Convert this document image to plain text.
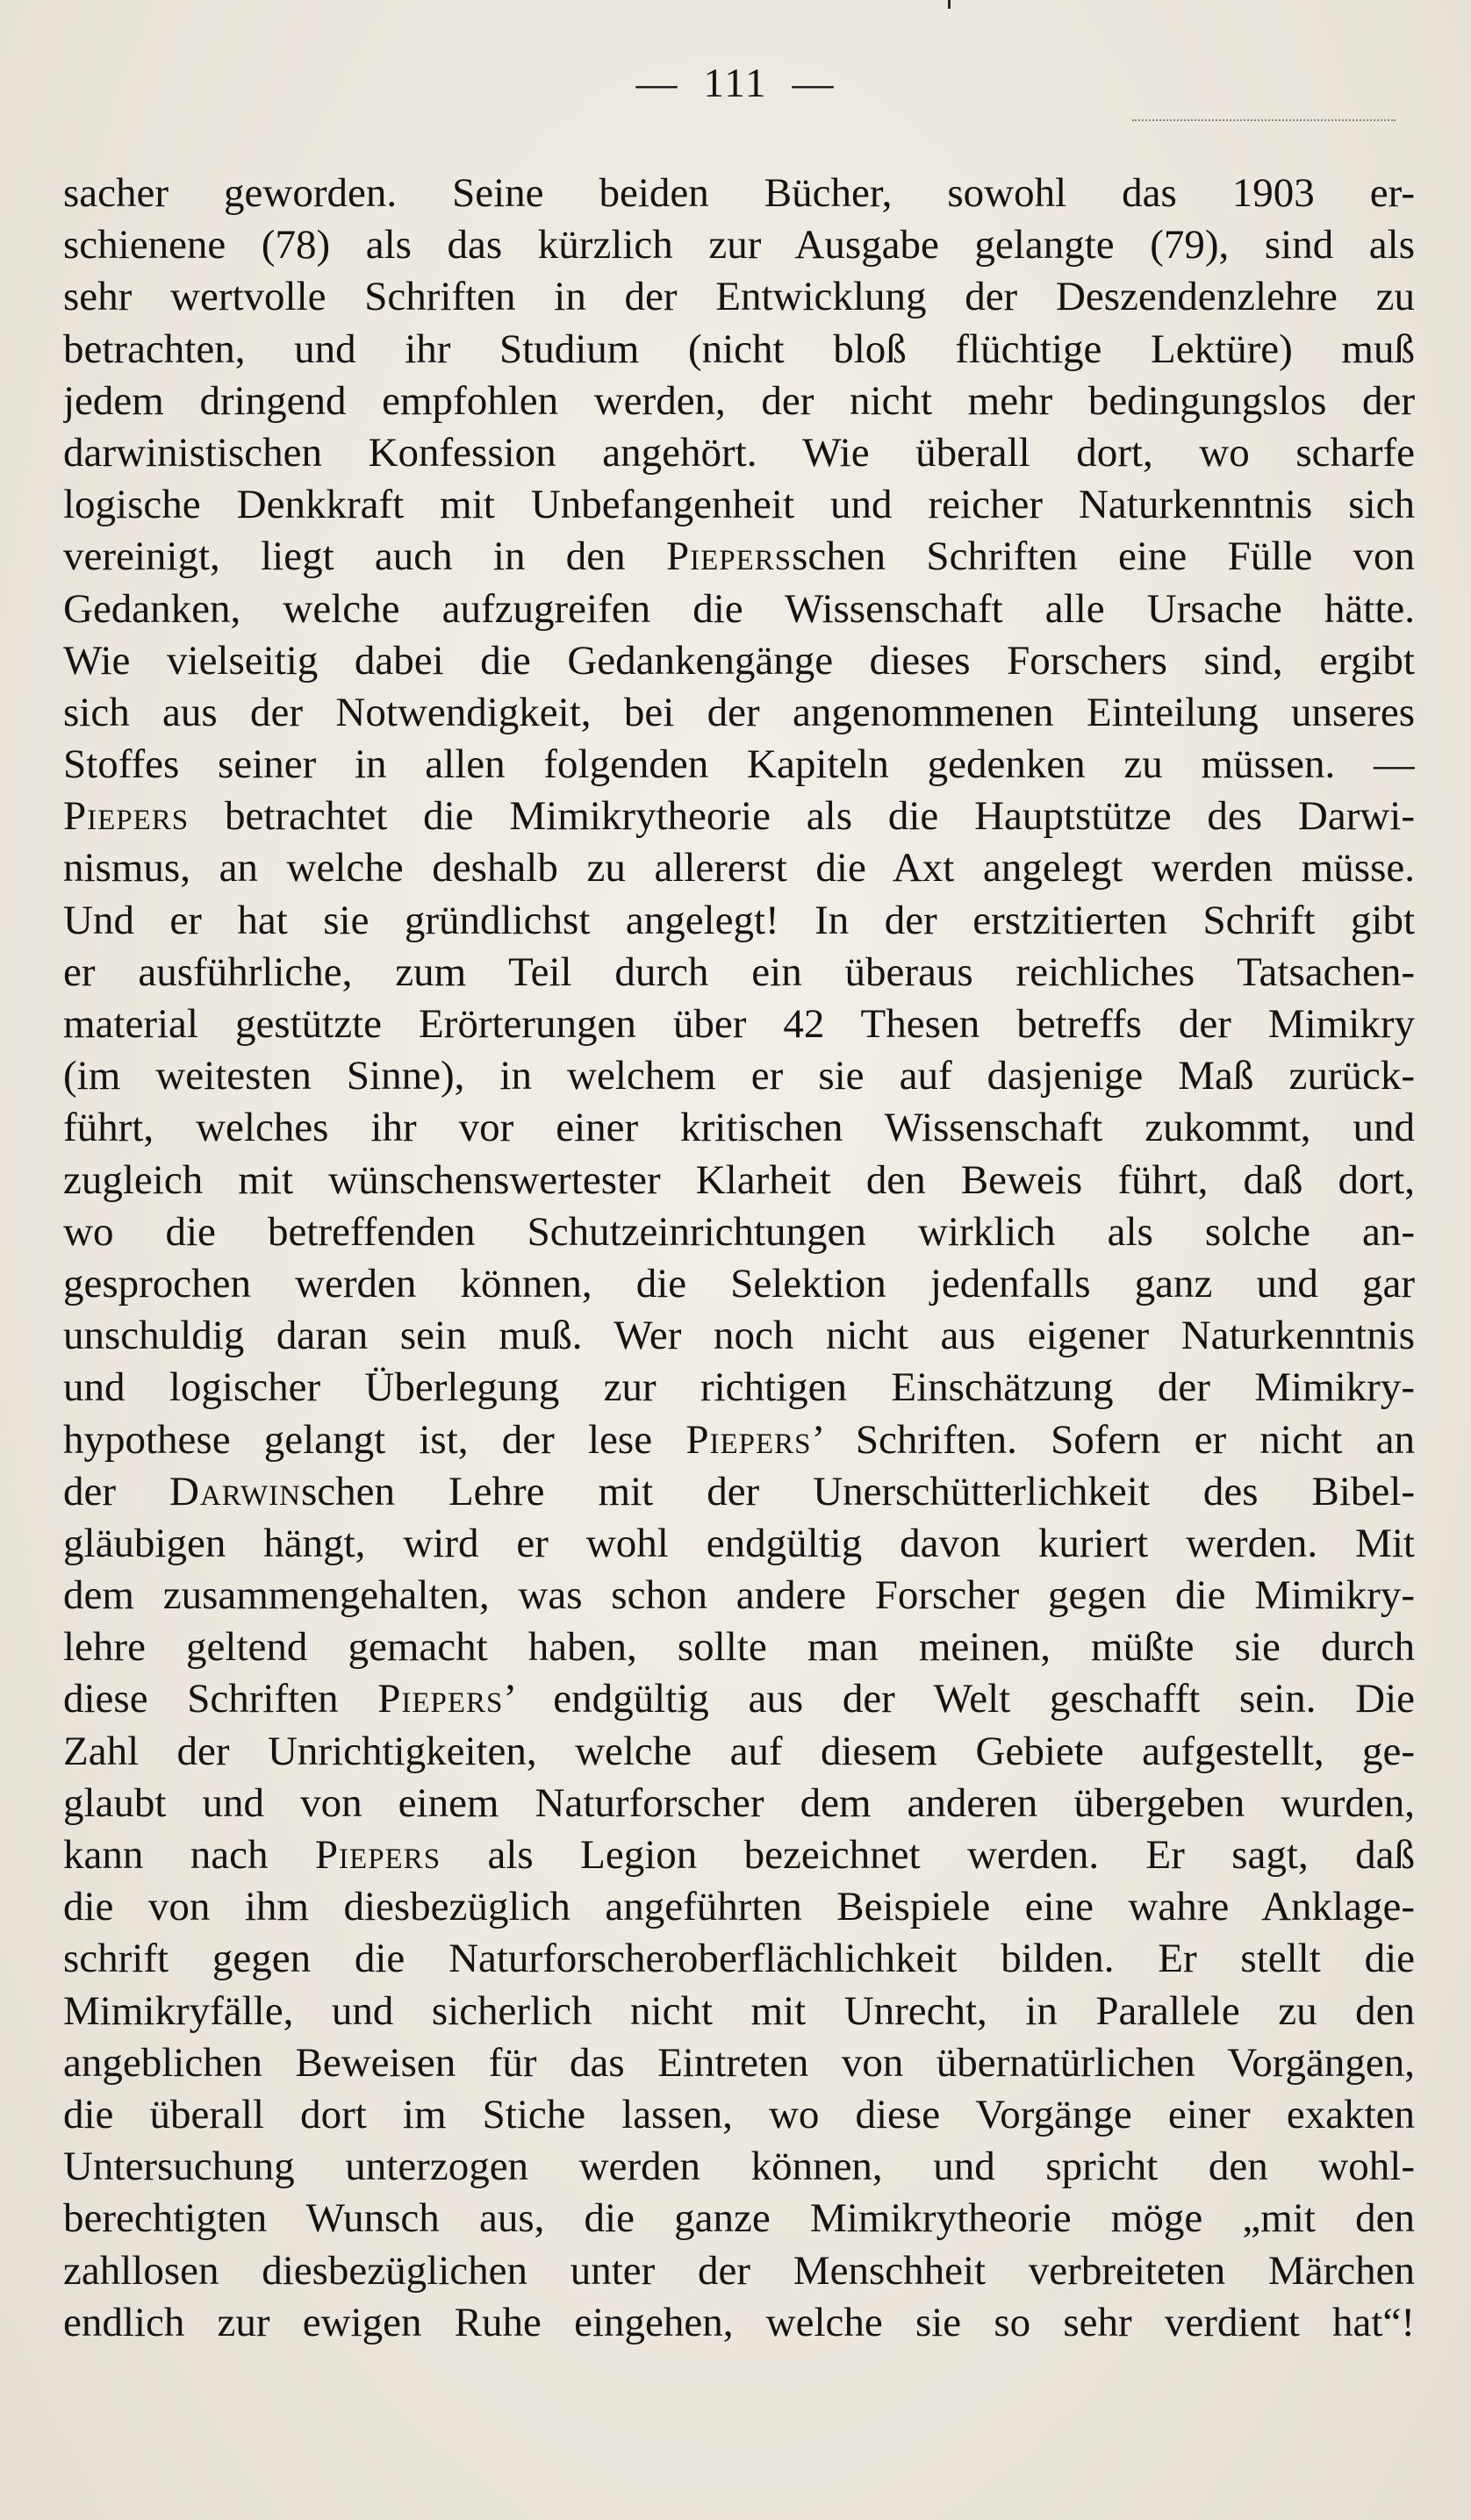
— 111 —
sacher geworden. Seine beiden Bücher, sowohl das 1903 er-
schienene (78) als das kürzlich zur Ausgabe gelangte (79), sind als
sehr wertvolle Schriften in der Entwicklung der Deszendenzlehre zu
betrachten, und ihr Studium (nicht bloß flüchtige Lektüre) muß
jedem dringend empfohlen werden, der nicht mehr bedingungslos der
darwinistischen Konfession angehört. Wie überall dort, wo scharfe
logische Denkkraft mit Unbefangenheit und reicher Naturkenntnis sich
vereinigt, liegt auch in den Piepersschen Schriften eine Fülle von
Gedanken, welche aufzugreifen die Wissenschaft alle Ursache hätte.
Wie vielseitig dabei die Gedankengänge dieses Forschers sind, ergibt
sich aus der Notwendigkeit, bei der angenommenen Einteilung unseres
Stoffes seiner in allen folgenden Kapiteln gedenken zu müssen. —
Piepers betrachtet die Mimikrytheorie als die Hauptstütze des Darwi-
nismus, an welche deshalb zu allererst die Axt angelegt werden müsse.
Und er hat sie gründlichst angelegt! In der erstzitierten Schrift gibt
er ausführliche, zum Teil durch ein überaus reichliches Tatsachen-
material gestützte Erörterungen über 42 Thesen betreffs der Mimikry
(im weitesten Sinne), in welchem er sie auf dasjenige Maß zurück-
führt, welches ihr vor einer kritischen Wissenschaft zukommt, und
zugleich mit wünschenswertester Klarheit den Beweis führt, daß dort,
wo die betreffenden Schutzeinrichtungen wirklich als solche an-
gesprochen werden können, die Selektion jedenfalls ganz und gar
unschuldig daran sein muß. Wer noch nicht aus eigener Naturkenntnis
und logischer Überlegung zur richtigen Einschätzung der Mimikry-
hypothese gelangt ist, der lese Piepers’ Schriften. Sofern er nicht an
der Darwinschen Lehre mit der Unerschütterlichkeit des Bibel-
gläubigen hängt, wird er wohl endgültig davon kuriert werden. Mit
dem zusammengehalten, was schon andere Forscher gegen die Mimikry-
lehre geltend gemacht haben, sollte man meinen, müßte sie durch
diese Schriften Piepers’ endgültig aus der Welt geschafft sein. Die
Zahl der Unrichtigkeiten, welche auf diesem Gebiete aufgestellt, ge-
glaubt und von einem Naturforscher dem anderen übergeben wurden,
kann nach Piepers als Legion bezeichnet werden. Er sagt, daß
die von ihm diesbezüglich angeführten Beispiele eine wahre Anklage-
schrift gegen die Naturforscheroberflächlichkeit bilden. Er stellt die
Mimikryfälle, und sicherlich nicht mit Unrecht, in Parallele zu den
angeblichen Beweisen für das Eintreten von übernatürlichen Vorgängen,
die überall dort im Stiche lassen, wo diese Vorgänge einer exakten
Untersuchung unterzogen werden können, und spricht den wohl-
berechtigten Wunsch aus, die ganze Mimikrytheorie möge „mit den
zahllosen diesbezüglichen unter der Menschheit verbreiteten Märchen
endlich zur ewigen Ruhe eingehen, welche sie so sehr verdient hat“!
